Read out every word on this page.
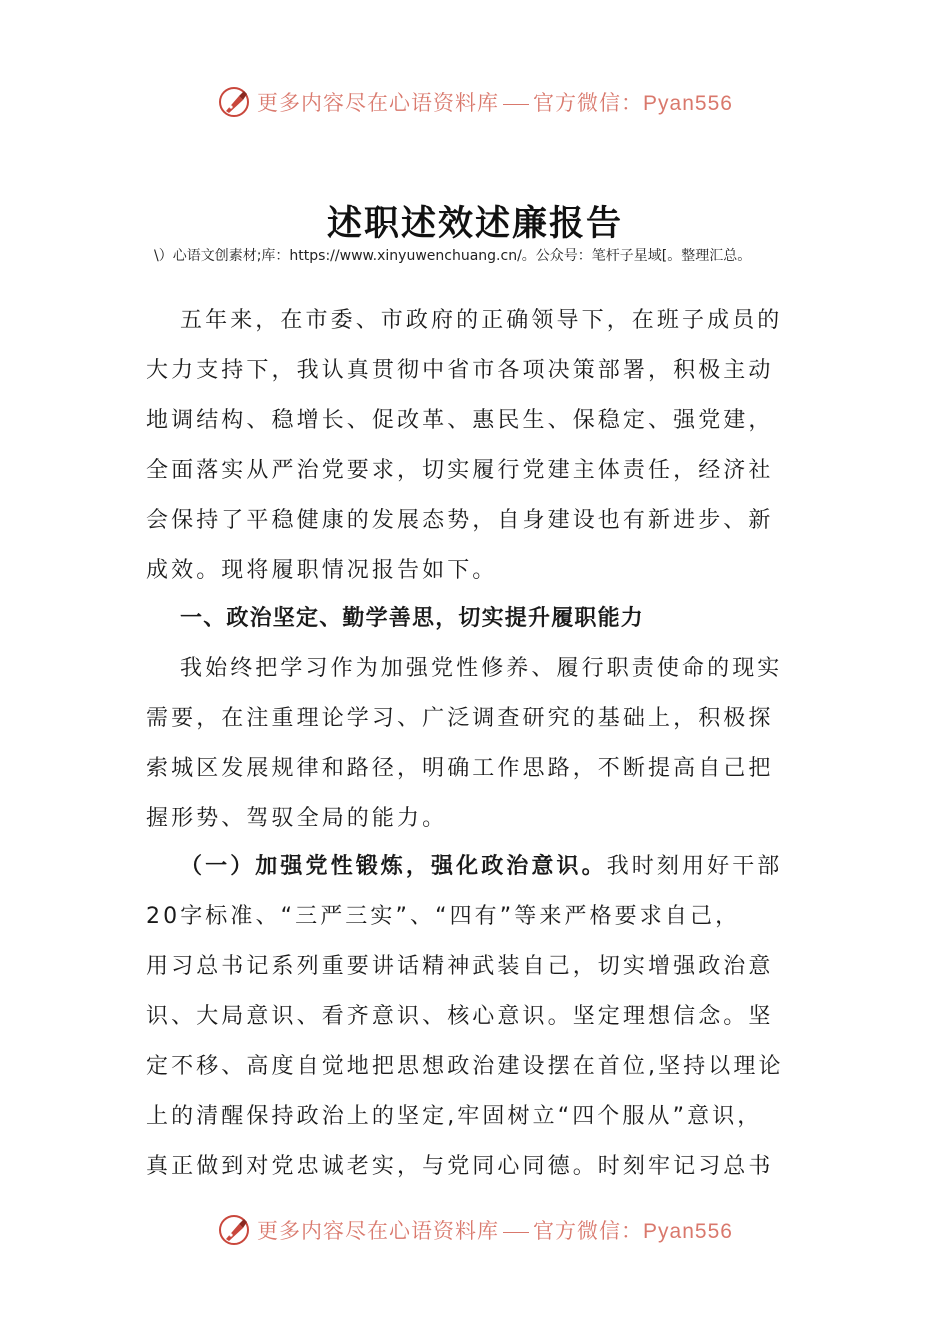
更多内容尽在心语资料库 官方微信：Pyan556
述职述效述廉报告
\）心语文创素材;库：https://www.xinyuwenchuang.cn/。公众号：笔杆子星域[。整理汇总。
五年来，在市委、市政府的正确领导下，在班子成员的
大力支持下，我认真贯彻中省市各项决策部署，积极主动
地调结构、稳增长、促改革、惠民生、保稳定、强党建，
全面落实从严治党要求，切实履行党建主体责任，经济社
会保持了平稳健康的发展态势，自身建设也有新进步、新
成效。现将履职情况报告如下。
一、政治坚定、勤学善思，切实提升履职能力
我始终把学习作为加强党性修养、履行职责使命的现实
需要，在注重理论学习、广泛调查研究的基础上，积极探
索城区发展规律和路径，明确工作思路，不断提高自己把
握形势、驾驭全局的能力。
（一）加强党性锻炼，强化政治意识。我时刻用好干部
20字标准、“三严三实”、“四有”等来严格要求自己，
用习总书记系列重要讲话精神武装自己，切实增强政治意
识、大局意识、看齐意识、核心意识。坚定理想信念。坚
定不移、高度自觉地把思想政治建设摆在首位,坚持以理论
上的清醒保持政治上的坚定,牢固树立“四个服从”意识，
真正做到对党忠诚老实，与党同心同德。时刻牢记习总书
更多内容尽在心语资料库 官方微信：Pyan556
